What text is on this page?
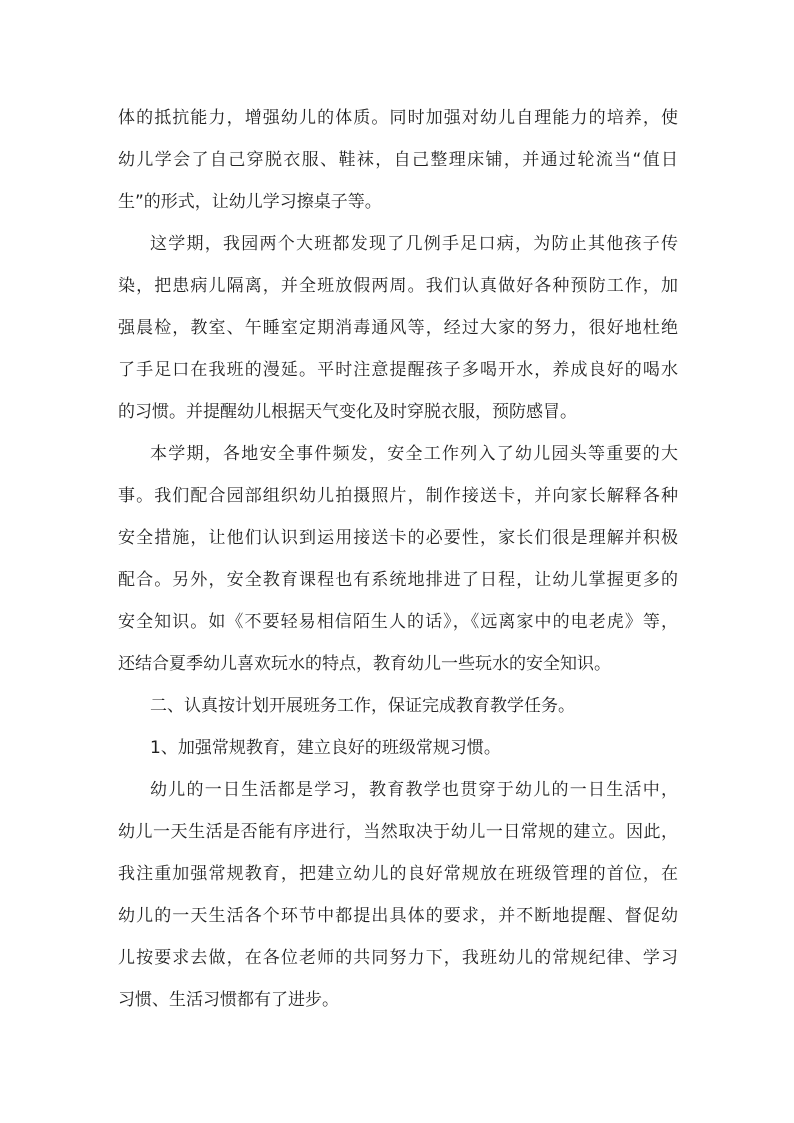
体的抵抗能力，增强幼儿的体质。同时加强对幼儿自理能力的培养，使
幼儿学会了自己穿脱衣服、鞋袜，自己整理床铺，并通过轮流当“值日
生”的形式，让幼儿学习擦桌子等。
这学期，我园两个大班都发现了几例手足口病，为防止其他孩子传
染，把患病儿隔离，并全班放假两周。我们认真做好各种预防工作，加
强晨检，教室、午睡室定期消毒通风等，经过大家的努力，很好地杜绝
了手足口在我班的漫延。平时注意提醒孩子多喝开水，养成良好的喝水
的习惯。并提醒幼儿根据天气变化及时穿脱衣服，预防感冒。
本学期，各地安全事件频发，安全工作列入了幼儿园头等重要的大
事。我们配合园部组织幼儿拍摄照片，制作接送卡，并向家长解释各种
安全措施，让他们认识到运用接送卡的必要性，家长们很是理解并积极
配合。另外，安全教育课程也有系统地排进了日程，让幼儿掌握更多的
安全知识。如《不要轻易相信陌生人的话》，《远离家中的电老虎》等，
还结合夏季幼儿喜欢玩水的特点，教育幼儿一些玩水的安全知识。
二、认真按计划开展班务工作，保证完成教育教学任务。
1、加强常规教育，建立良好的班级常规习惯。
幼儿的一日生活都是学习，教育教学也贯穿于幼儿的一日生活中，
幼儿一天生活是否能有序进行，当然取决于幼儿一日常规的建立。因此，
我注重加强常规教育，把建立幼儿的良好常规放在班级管理的首位，在
幼儿的一天生活各个环节中都提出具体的要求，并不断地提醒、督促幼
儿按要求去做，在各位老师的共同努力下，我班幼儿的常规纪律、学习
习惯、生活习惯都有了进步。
